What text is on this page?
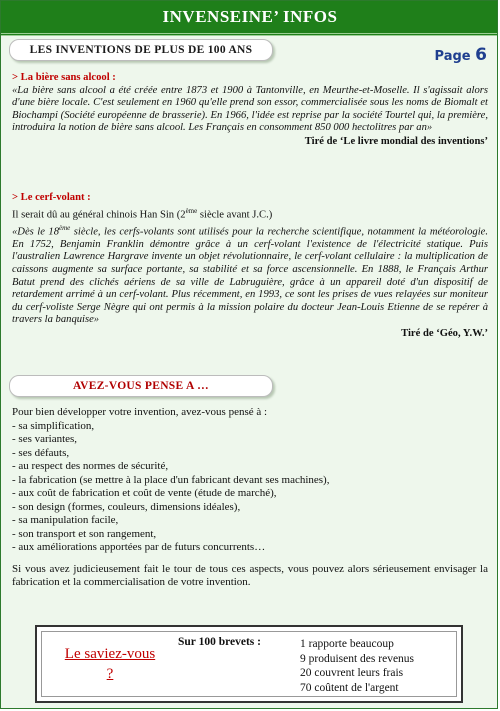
INVENSEINE’ INFOS
LES INVENTIONS DE PLUS DE 100 ANS	Page 6
> La bière sans alcool :
«La bière sans alcool a été créée entre 1873 et 1900 à Tantonville, en Meurthe-et-Moselle. Il s'agissait alors d'une bière locale. C'est seulement en 1960 qu'elle prend son essor, commercialisée sous les noms de Biomalt et Biochampi (Société européenne de brasserie). En 1966, l'idée est reprise par la société Tourtel qui, la première, introduira la notion de bière sans alcool. Les Français en consomment 850 000 hectolitres par an»
Tiré de ‘Le livre mondial des inventions’
> Le cerf-volant :
Il serait dû au général chinois Han Sin (2ème siècle avant J.C.)
«Dès le 18ème siècle, les cerfs-volants sont utilisés pour la recherche scientifique, notamment la météorologie. En 1752, Benjamin Franklin démontre grâce à un cerf-volant l'existence de l'électricité statique. Puis l'australien Lawrence Hargrave invente un objet révolutionnaire, le cerf-volant cellulaire : la multiplication de caissons augmente sa surface portante, sa stabilité et sa force ascensionnelle. En 1888, le Français Arthur Batut prend des clichés aériens de sa ville de Labruguière, grâce à un appareil doté d'un dispositif de retardement arrimé à un cerf-volant. Plus récemment, en 1993, ce sont les prises de vues relayées sur moniteur du cerf-voliste Serge Nègre qui ont permis à la mission polaire du docteur Jean-Louis Etienne de se repérer à travers la banquise»
Tiré de ‘Géo, Y.W.’
AVEZ-VOUS PENSE A …
Pour bien développer votre invention, avez-vous pensé à :
- sa simplification,
- ses variantes,
- ses défauts,
- au respect des normes de sécurité,
- la fabrication (se mettre à la place d'un fabricant devant ses machines),
- aux coût de fabrication et coût de vente (étude de marché),
- son design (formes, couleurs, dimensions idéales),
- sa manipulation facile,
- son transport et son rangement,
- aux améliorations apportées par de futurs concurrents…
Si vous avez judicieusement fait le tour de tous ces aspects, vous pouvez alors sérieusement envisager la fabrication et la commercialisation de votre invention.
Le saviez-vous ?
Sur 100 brevets :	1 rapporte beaucoup
9 produisent des revenus
20 couvrent leurs frais
70 coûtent de l'argent
